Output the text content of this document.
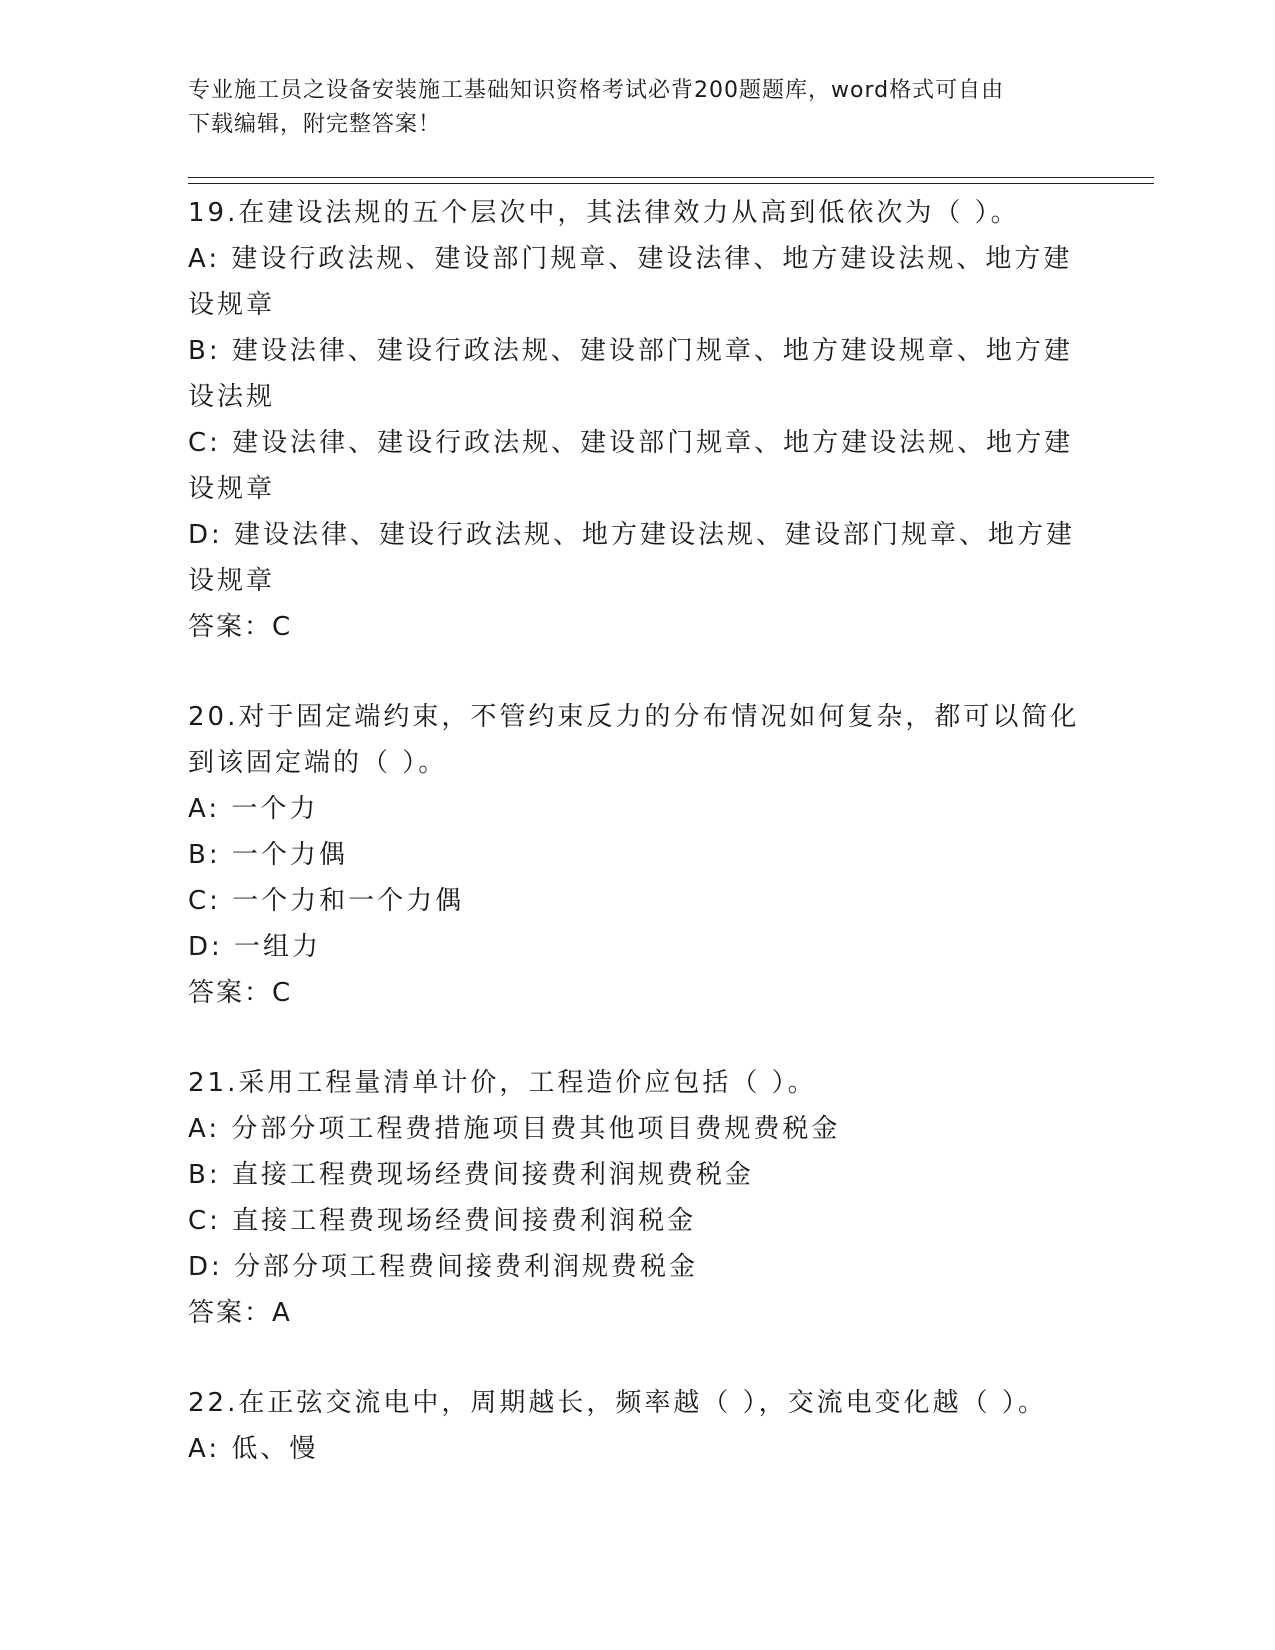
专业施工员之设备安装施工基础知识资格考试必背200题题库，word格式可自由
下载编辑，附完整答案！
19.在建设法规的五个层次中，其法律效力从高到低依次为（ ）。
A: 建设行政法规、建设部门规章、建设法律、地方建设法规、地方建
设规章
B: 建设法律、建设行政法规、建设部门规章、地方建设规章、地方建
设法规
C: 建设法律、建设行政法规、建设部门规章、地方建设法规、地方建
设规章
D: 建设法律、建设行政法规、地方建设法规、建设部门规章、地方建
设规章
答案：C
20.对于固定端约束，不管约束反力的分布情况如何复杂，都可以简化
到该固定端的（ ）。
A: 一个力
B: 一个力偶
C: 一个力和一个力偶
D: 一组力
答案：C
21.采用工程量清单计价，工程造价应包括（ ）。
A: 分部分项工程费措施项目费其他项目费规费税金
B: 直接工程费现场经费间接费利润规费税金
C: 直接工程费现场经费间接费利润税金
D: 分部分项工程费间接费利润规费税金
答案：A
22.在正弦交流电中，周期越长，频率越（ ），交流电变化越（ ）。
A: 低、慢
